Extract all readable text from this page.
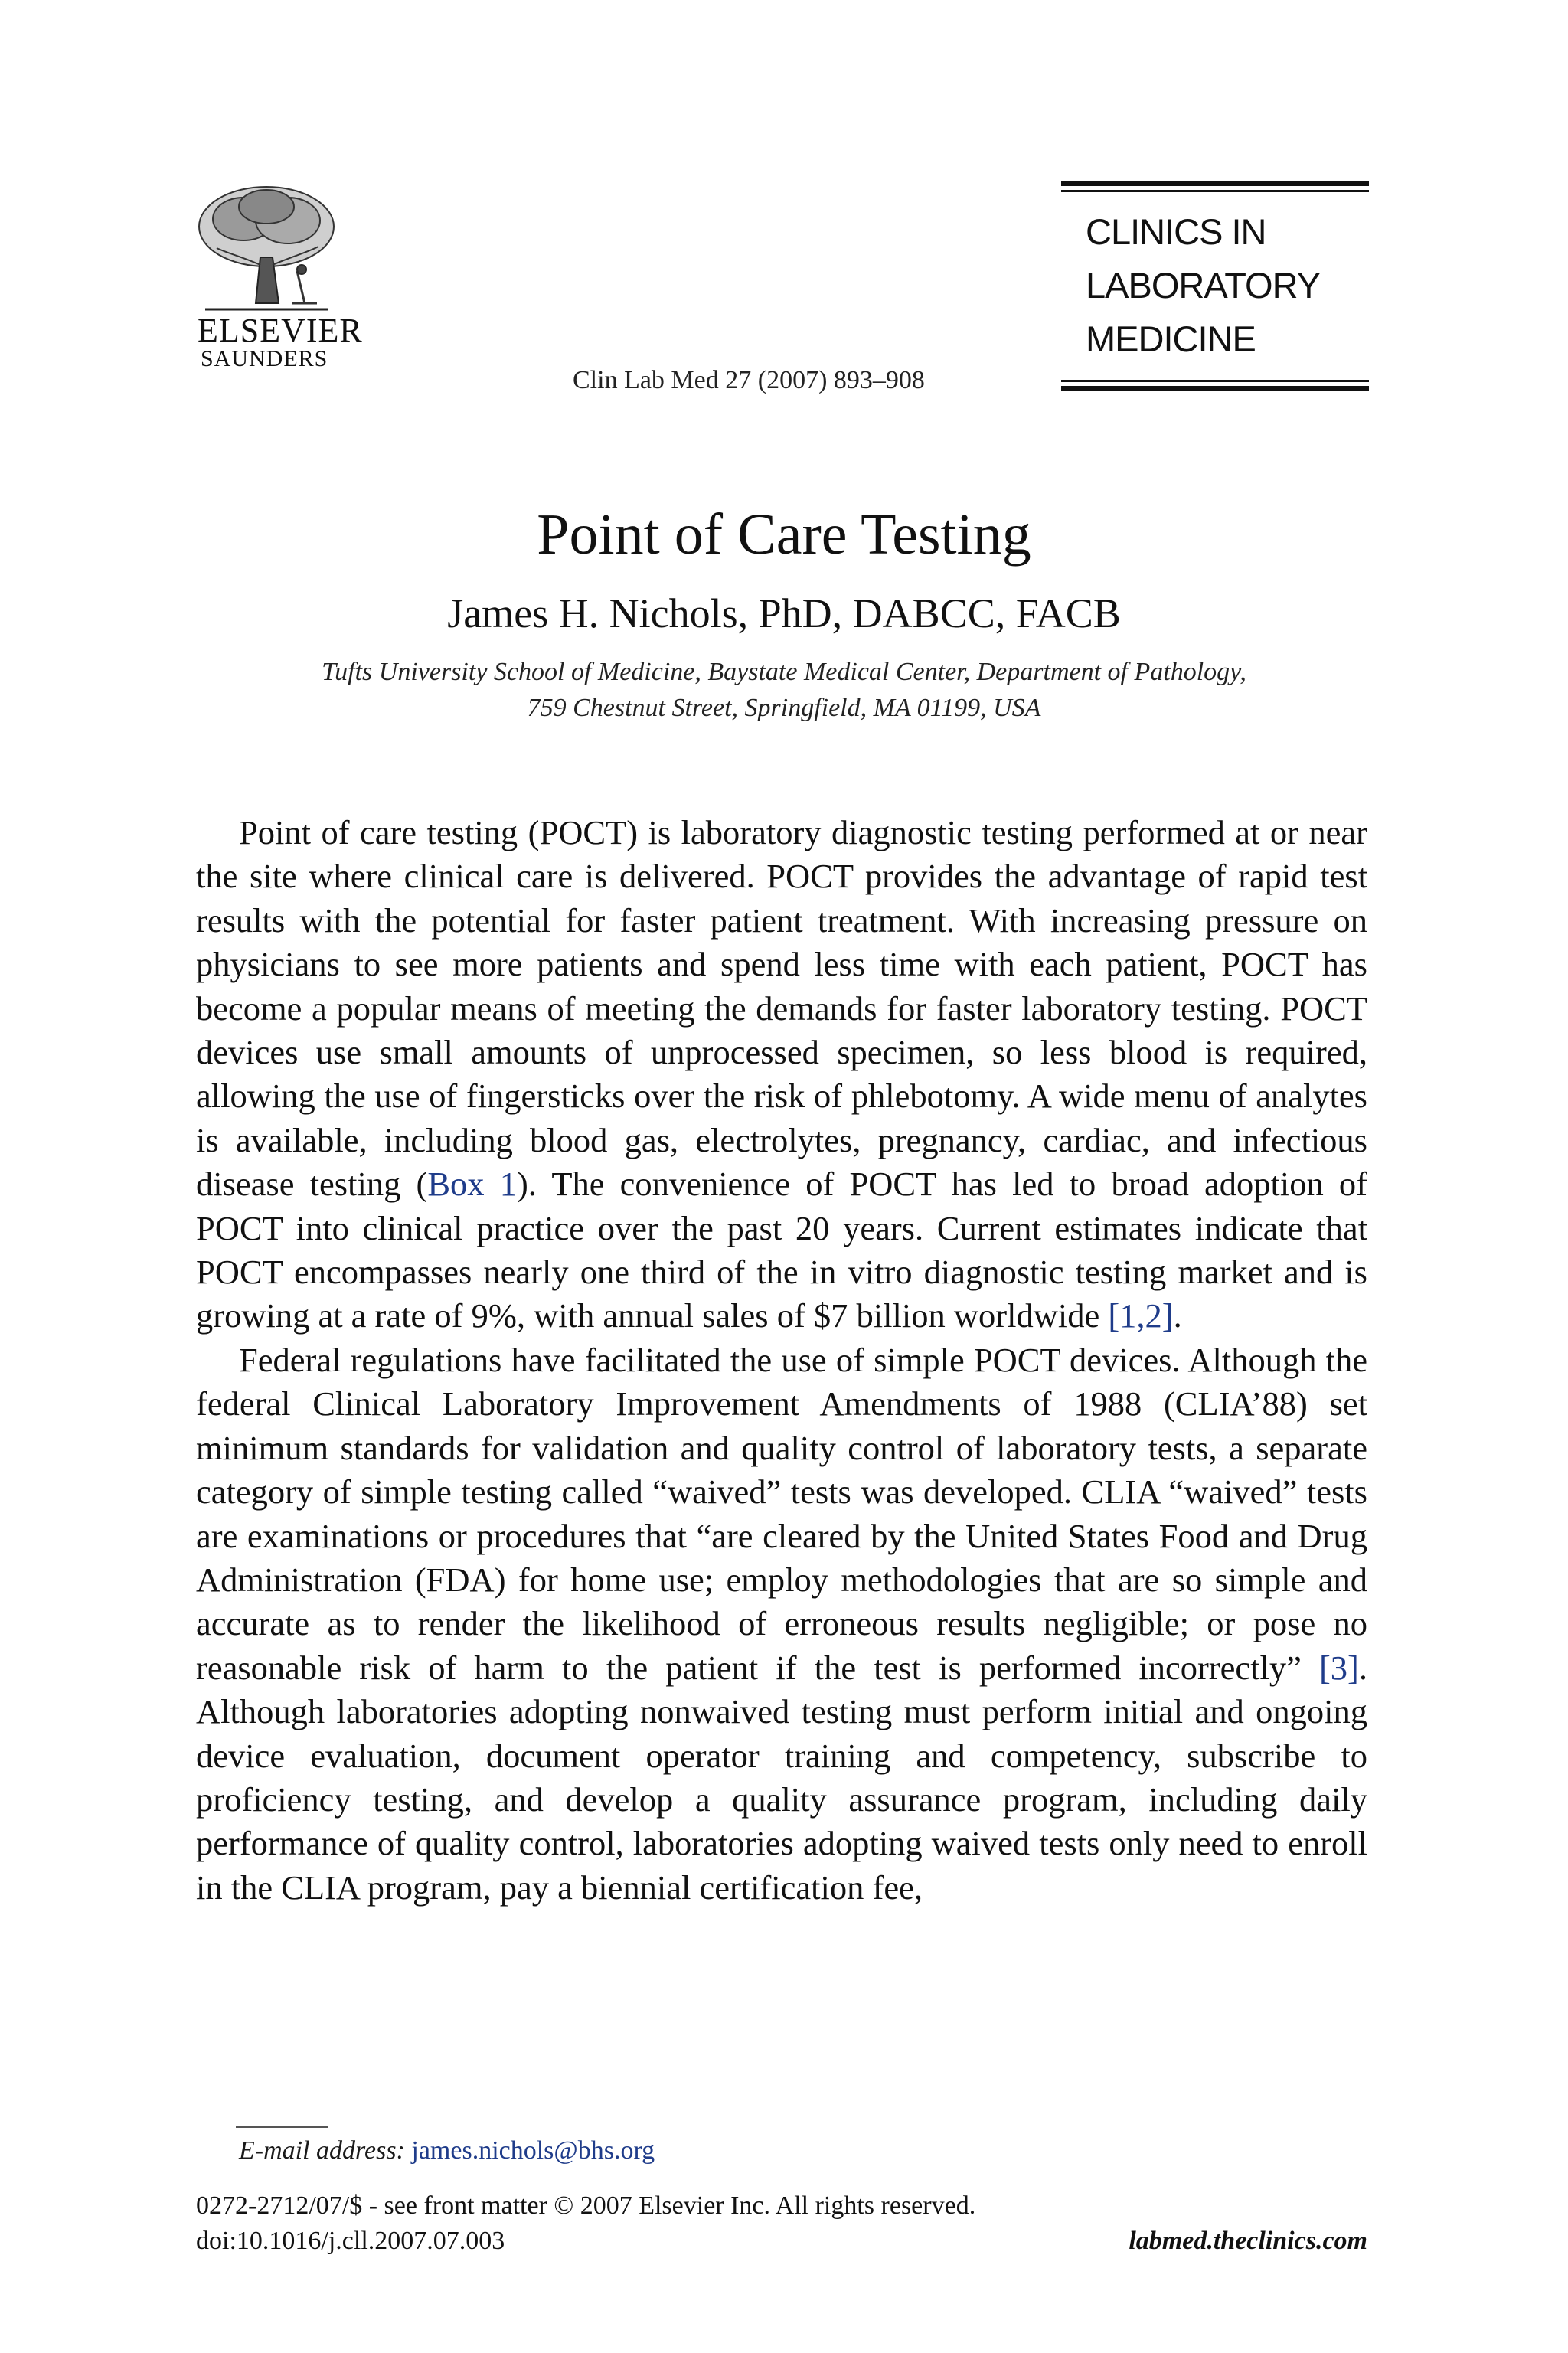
ELSEVIER
SAUNDERS
Clin Lab Med 27 (2007) 893–908
CLINICS IN
LABORATORY
MEDICINE
Point of Care Testing
James H. Nichols, PhD, DABCC, FACB
Tufts University School of Medicine, Baystate Medical Center, Department of Pathology,
759 Chestnut Street, Springfield, MA 01199, USA

Point of care testing (POCT) is laboratory diagnostic testing performed at or near the site where clinical care is delivered. POCT provides the advantage of rapid test results with the potential for faster patient treatment. With increasing pressure on physicians to see more patients and spend less time with each patient, POCT has become a popular means of meeting the demands for faster laboratory testing. POCT devices use small amounts of unprocessed specimen, so less blood is required, allowing the use of fingersticks over the risk of phlebotomy. A wide menu of analytes is available, including blood gas, electrolytes, pregnancy, cardiac, and infectious disease testing (Box 1). The convenience of POCT has led to broad adoption of POCT into clinical practice over the past 20 years. Current estimates indicate that POCT encompasses nearly one third of the in vitro diagnostic testing market and is growing at a rate of 9%, with annual sales of $7 billion worldwide [1,2].

Federal regulations have facilitated the use of simple POCT devices. Although the federal Clinical Laboratory Improvement Amendments of 1988 (CLIA’88) set minimum standards for validation and quality control of laboratory tests, a separate category of simple testing called “waived” tests was developed. CLIA “waived” tests are examinations or procedures that “are cleared by the United States Food and Drug Administration (FDA) for home use; employ methodologies that are so simple and accurate as to render the likelihood of erroneous results negligible; or pose no reasonable risk of harm to the patient if the test is performed incorrectly” [3]. Although laboratories adopting nonwaived testing must perform initial and ongoing device evaluation, document operator training and competency, subscribe to proficiency testing, and develop a quality assurance program, including daily performance of quality control, laboratories adopting waived tests only need to enroll in the CLIA program, pay a biennial certification fee,

E-mail address: james.nichols@bhs.org
0272-2712/07/$ - see front matter © 2007 Elsevier Inc. All rights reserved.
doi:10.1016/j.cll.2007.07.003	labmed.theclinics.com
